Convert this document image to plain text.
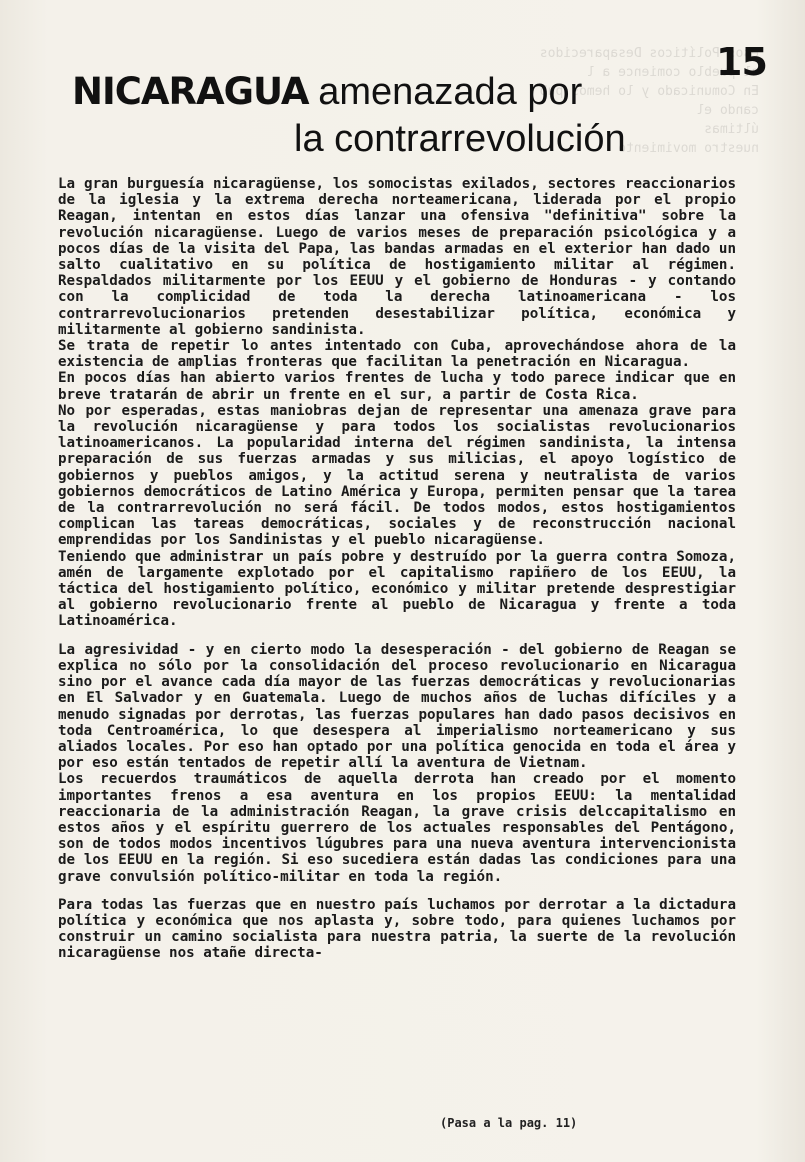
esos Políticos Desaparecidos
el pueblo comience a l
En Comunicado y lo hemos pub
cando el
últimas
nuestro movimiento
15
NICARAGUA amenazada por
la contrarrevolución

La gran burguesía nicaragüense, los somocistas exilados, sectores reaccionarios de la iglesia y la extrema derecha norteamericana, liderada por el propio Reagan, intentan en estos días lanzar una ofensiva "definitiva" sobre la revolución nicaragüense. Luego de varios meses de preparación psicológica y a pocos días de la visita del Papa, las bandas armadas en el exterior han dado un salto cualitativo en su política de hostigamiento militar al régimen. Respaldados militarmente por los EEUU y el gobierno de Honduras - y contando con la complicidad de toda la derecha latinoamericana - los contrarrevolucionarios pretenden desestabilizar política, económica y militarmente al gobierno sandinista.

Se trata de repetir lo antes intentado con Cuba, aprovechándose ahora de la existencia de amplias fronteras que facilitan la penetración en Nicaragua.

En pocos días han abierto varios frentes de lucha y todo parece indicar que en breve tratarán de abrir un frente en el sur, a partir de Costa Rica.

No por esperadas, estas maniobras dejan de representar una amenaza grave para la revolución nicaragüense y para todos los socialistas revolucionarios latinoamericanos. La popularidad interna del régimen sandinista, la intensa preparación de sus fuerzas armadas y sus milicias, el apoyo logístico de gobiernos y pueblos amigos, y la actitud serena y neutralista de varios gobiernos democráticos de Latino América y Europa, permiten pensar que la tarea de la contrarrevolución no será fácil. De todos modos, estos hostigamientos complican las tareas democráticas, sociales y de reconstrucción nacional emprendidas por los Sandinistas y el pueblo nicaragüense.

Teniendo que administrar un país pobre y destruído por la guerra contra Somoza, amén de largamente explotado por el capitalismo rapiñero de los EEUU, la táctica del hostigamiento político, económico y militar pretende desprestigiar al gobierno revolucionario frente al pueblo de Nicaragua y frente a toda Latinoamérica.

La agresividad - y en cierto modo la desesperación - del gobierno de Reagan se explica no sólo por la consolidación del proceso revolucionario en Nicaragua sino por el avance cada día mayor de las fuerzas democráticas y revolucionarias en El Salvador y en Guatemala. Luego de muchos años de luchas difíciles y a menudo signadas por derrotas, las fuerzas populares han dado pasos decisivos en toda Centroamérica, lo que desespera al imperialismo norteamericano y sus aliados locales. Por eso han optado por una política genocida en toda el área y por eso están tentados de repetir allí la aventura de Vietnam.

Los recuerdos traumáticos de aquella derrota han creado por el momento importantes frenos a esa aventura en los propios EEUU: la mentalidad reaccionaria de la administración Reagan, la grave crisis delccapitalismo en estos años y el espíritu guerrero de los actuales responsables del Pentágono, son de todos modos incentivos lúgubres para una nueva aventura intervencionista de los EEUU en la región. Si eso sucediera están dadas las condiciones para una grave convulsión político-militar en toda la región.

Para todas las fuerzas que en nuestro país luchamos por derrotar a la dictadura política y económica que nos aplasta y, sobre todo, para quienes luchamos por construir un camino socialista para nuestra patria, la suerte de la revolución nicaragüense nos atañe directa-

(Pasa a la pag. 11)
